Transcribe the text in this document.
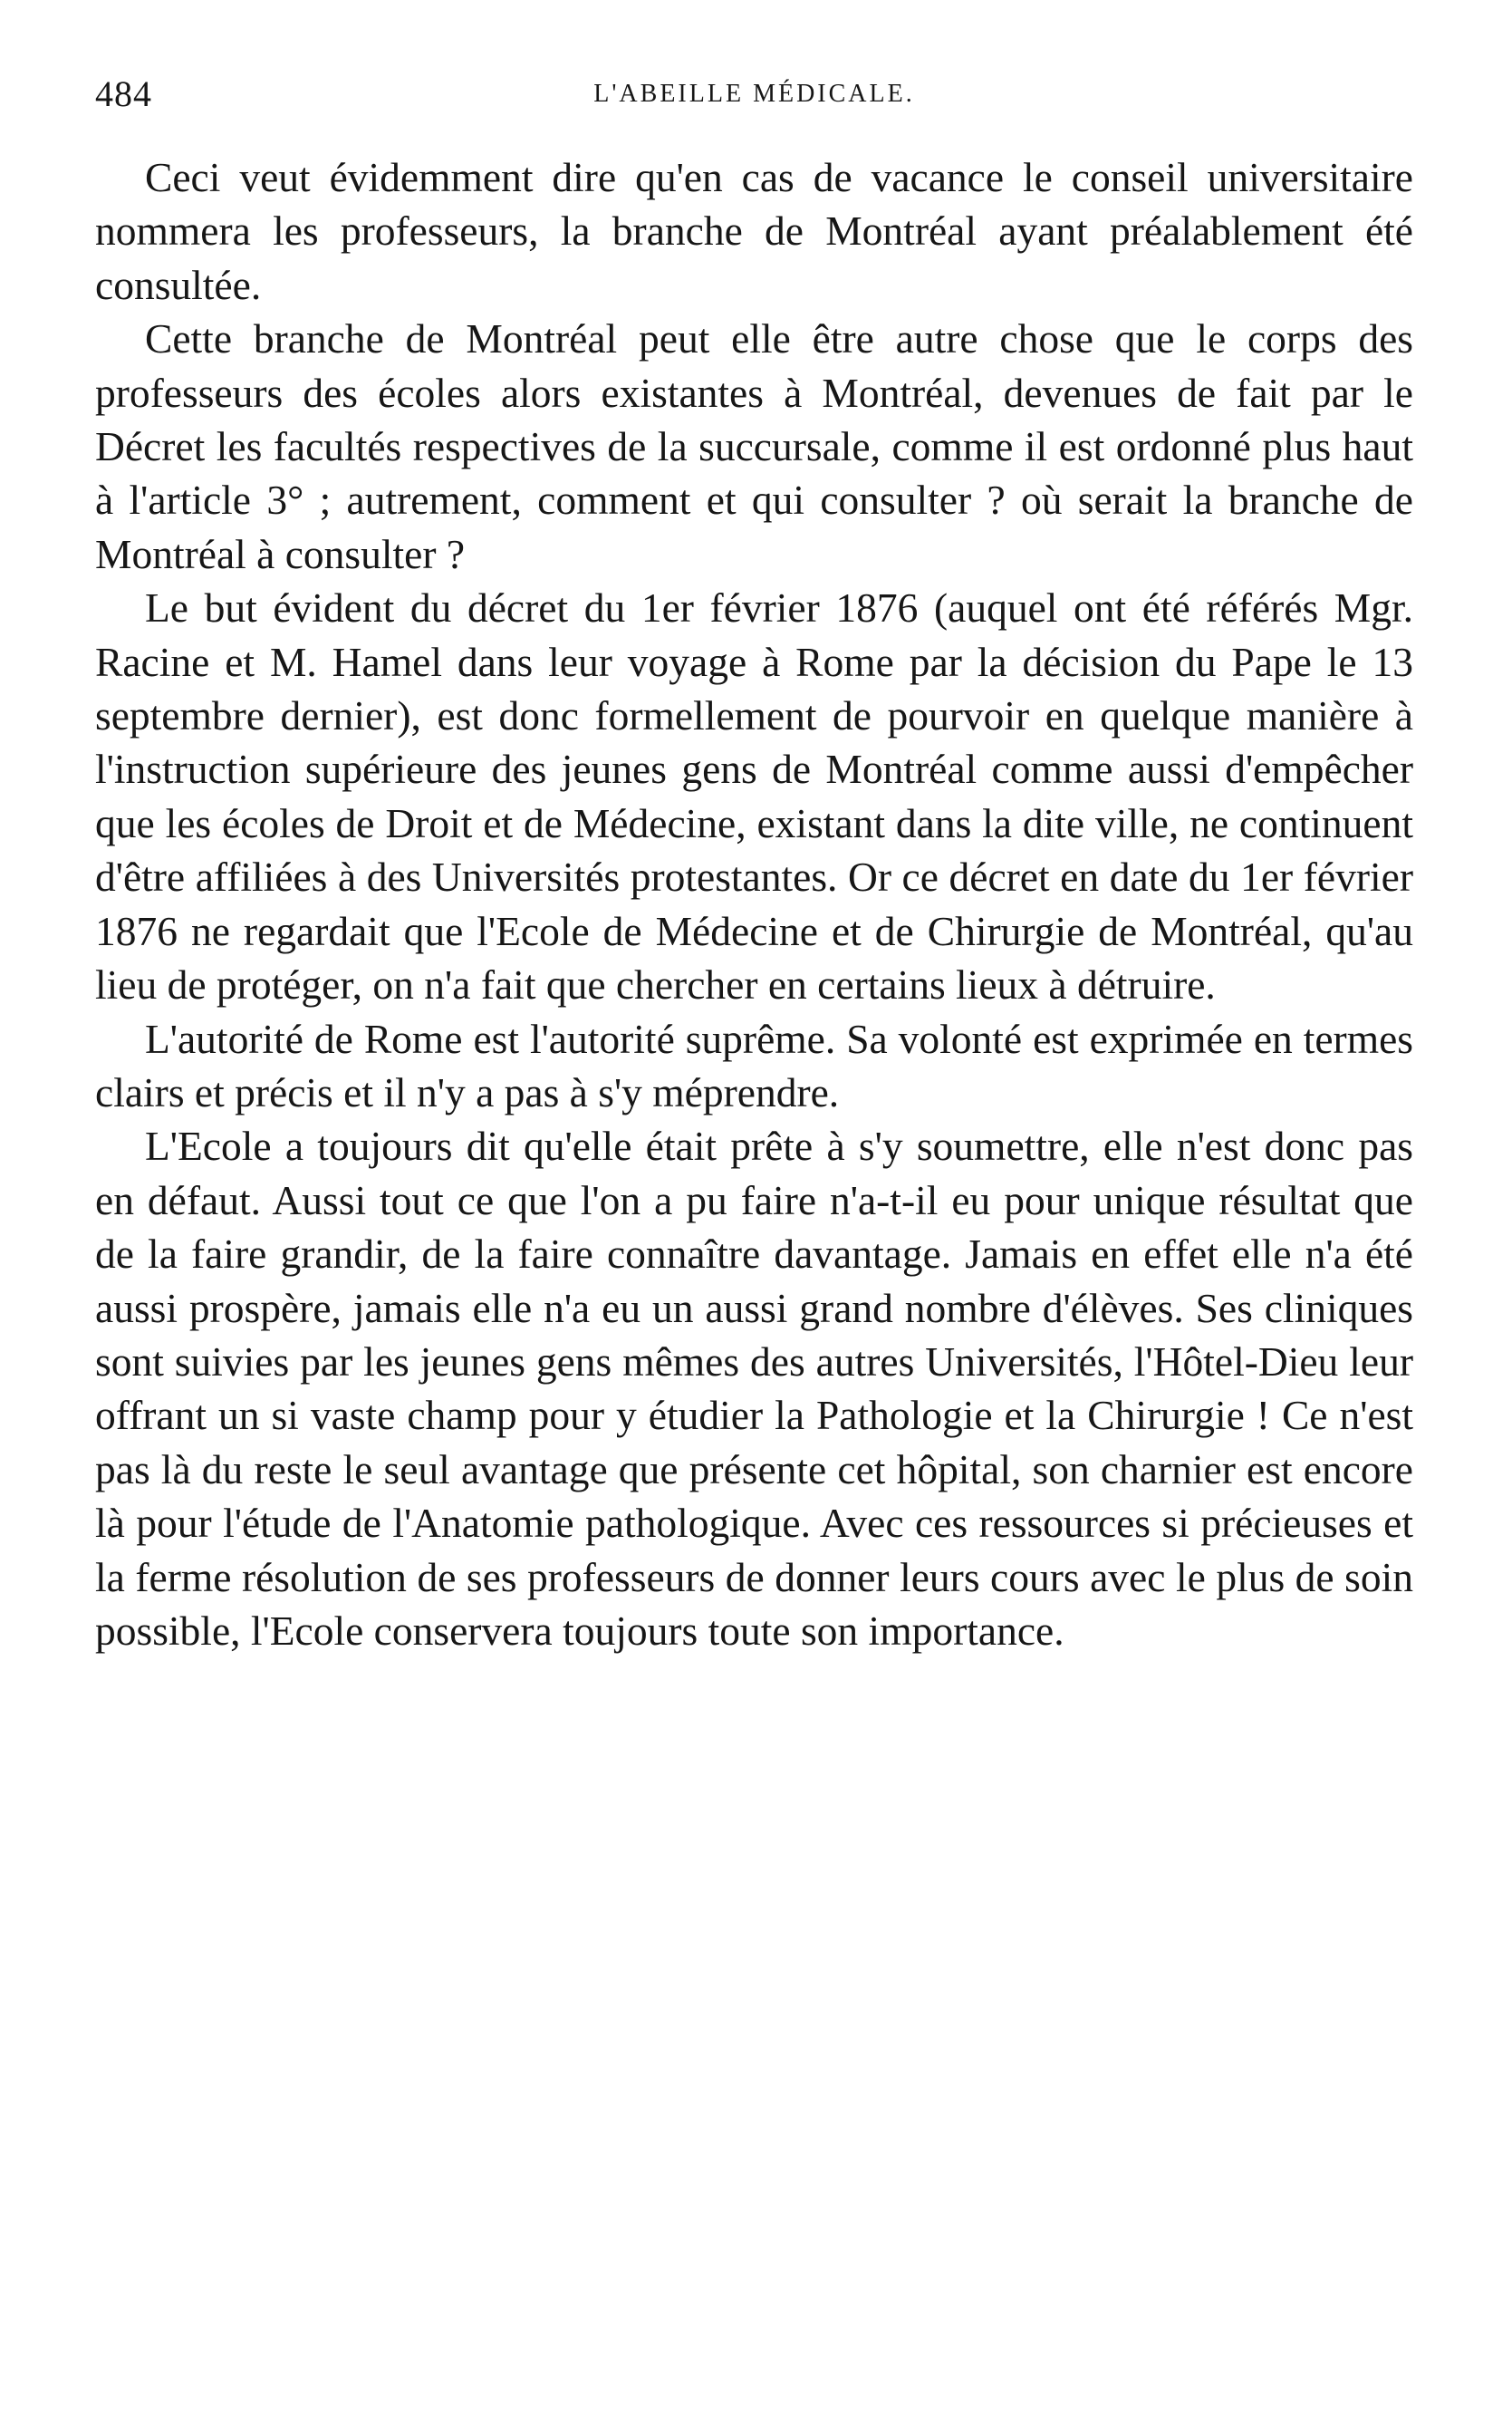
484	L'ABEILLE MÉDICALE.

Ceci veut évidemment dire qu'en cas de vacance le conseil universitaire nommera les professeurs, la branche de Montréal ayant préalablement été consultée.

Cette branche de Montréal peut elle être autre chose que le corps des professeurs des écoles alors existantes à Montréal, devenues de fait par le Décret les facultés respectives de la succursale, comme il est ordonné plus haut à l'article 3° ; autrement, comment et qui consulter ? où serait la branche de Montréal à consulter ?

Le but évident du décret du 1er février 1876 (auquel ont été référés Mgr. Racine et M. Hamel dans leur voyage à Rome par la décision du Pape le 13 septembre dernier), est donc formellement de pourvoir en quelque manière à l'instruction supérieure des jeunes gens de Montréal comme aussi d'empêcher que les écoles de Droit et de Médecine, existant dans la dite ville, ne continuent d'être affiliées à des Universités protestantes. Or ce décret en date du 1er février 1876 ne regardait que l'Ecole de Médecine et de Chirurgie de Montréal, qu'au lieu de protéger, on n'a fait que chercher en certains lieux à détruire.

L'autorité de Rome est l'autorité suprême. Sa volonté est exprimée en termes clairs et précis et il n'y a pas à s'y méprendre.

L'Ecole a toujours dit qu'elle était prête à s'y soumettre, elle n'est donc pas en défaut. Aussi tout ce que l'on a pu faire n'a-t-il eu pour unique résultat que de la faire grandir, de la faire connaître davantage. Jamais en effet elle n'a été aussi prospère, jamais elle n'a eu un aussi grand nombre d'élèves. Ses cliniques sont suivies par les jeunes gens mêmes des autres Universités, l'Hôtel-Dieu leur offrant un si vaste champ pour y étudier la Pathologie et la Chirurgie ! Ce n'est pas là du reste le seul avantage que présente cet hôpital, son charnier est encore là pour l'étude de l'Anatomie pathologique. Avec ces ressources si précieuses et la ferme résolution de ses professeurs de donner leurs cours avec le plus de soin possible, l'Ecole conservera toujours toute son importance.
